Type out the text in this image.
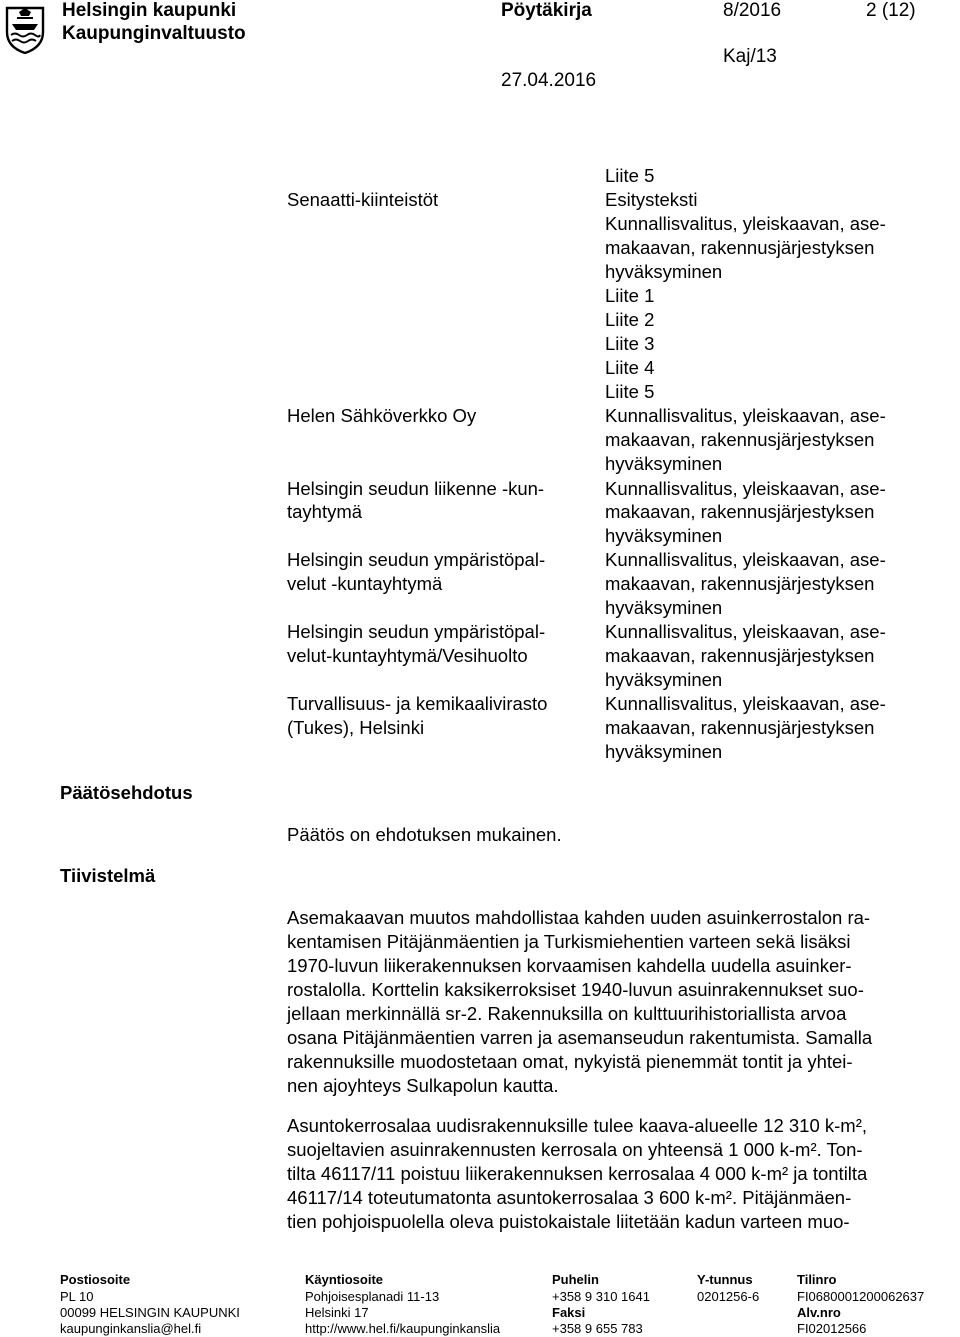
Helsingin kaupunki
Kaupunginvaltuusto
Pöytäkirja	8/2016	2 (12)
Kaj/13
27.04.2016
Senaatti-kiinteistöt
Helen Sähköverkko Oy
Helsingin seudun liikenne -kun-
tayhtymä
Helsingin seudun ympäristöpal-
velut -kuntayhtymä
Helsingin seudun ympäristöpal-
velut-kuntayhtymä/Vesihuolto
Turvallisuus- ja kemikaalivirasto
(Tukes), Helsinki
Liite 5
Esitysteksti
Kunnallisvalitus, yleiskaavan, ase-
makaavan, rakennusjärjestyksen
hyväksyminen
Liite 1
Liite 2
Liite 3
Liite 4
Liite 5
Kunnallisvalitus, yleiskaavan, ase-
makaavan, rakennusjärjestyksen
hyväksyminen
Kunnallisvalitus, yleiskaavan, ase-
makaavan, rakennusjärjestyksen
hyväksyminen
Kunnallisvalitus, yleiskaavan, ase-
makaavan, rakennusjärjestyksen
hyväksyminen
Kunnallisvalitus, yleiskaavan, ase-
makaavan, rakennusjärjestyksen
hyväksyminen
Kunnallisvalitus, yleiskaavan, ase-
makaavan, rakennusjärjestyksen
hyväksyminen
Päätösehdotus
Päätös on ehdotuksen mukainen.
Tiivistelmä
Asemakaavan muutos mahdollistaa kahden uuden asuinkerrostalon ra-
kentamisen Pitäjänmäentien ja Turkismiehentien varteen sekä lisäksi
1970-luvun liikerakennuksen korvaamisen kahdella uudella asuinker-
rostalolla. Korttelin kaksikerroksiset 1940-luvun asuinrakennukset suo-
jellaan merkinnällä sr-2. Rakennuksilla on kulttuurihistoriallista arvoa
osana Pitäjänmäentien varren ja asemanseudun rakentumista. Samalla
rakennuksille muodostetaan omat, nykyistä pienemmät tontit ja yhtei-
nen ajoyhteys Sulkapolun kautta.
Asuntokerrosalaa uudisrakennuksille tulee kaava-alueelle 12 310 k-m²,
suojeltavien asuinrakennusten kerrosala on yhteensä 1 000 k-m². Ton-
tilta 46117/11 poistuu liikerakennuksen kerrosalaa 4 000 k-m² ja tontilta
46117/14 toteutumatonta asuntokerrosalaa 3 600 k-m². Pitäjänmäen-
tien pohjoispuolella oleva puistokaistale liitetään kadun varteen muo-
Postiosoite
PL 10
00099 HELSINGIN KAUPUNKI
kaupunginkanslia@hel.fi
Käyntiosoite
Pohjoisesplanadi 11-13
Helsinki 17
http://www.hel.fi/kaupunginkanslia
Puhelin
+358 9 310 1641
Faksi
+358 9 655 783
Y-tunnus
0201256-6
Tilinro
FI0680001200062637
Alv.nro
FI02012566
